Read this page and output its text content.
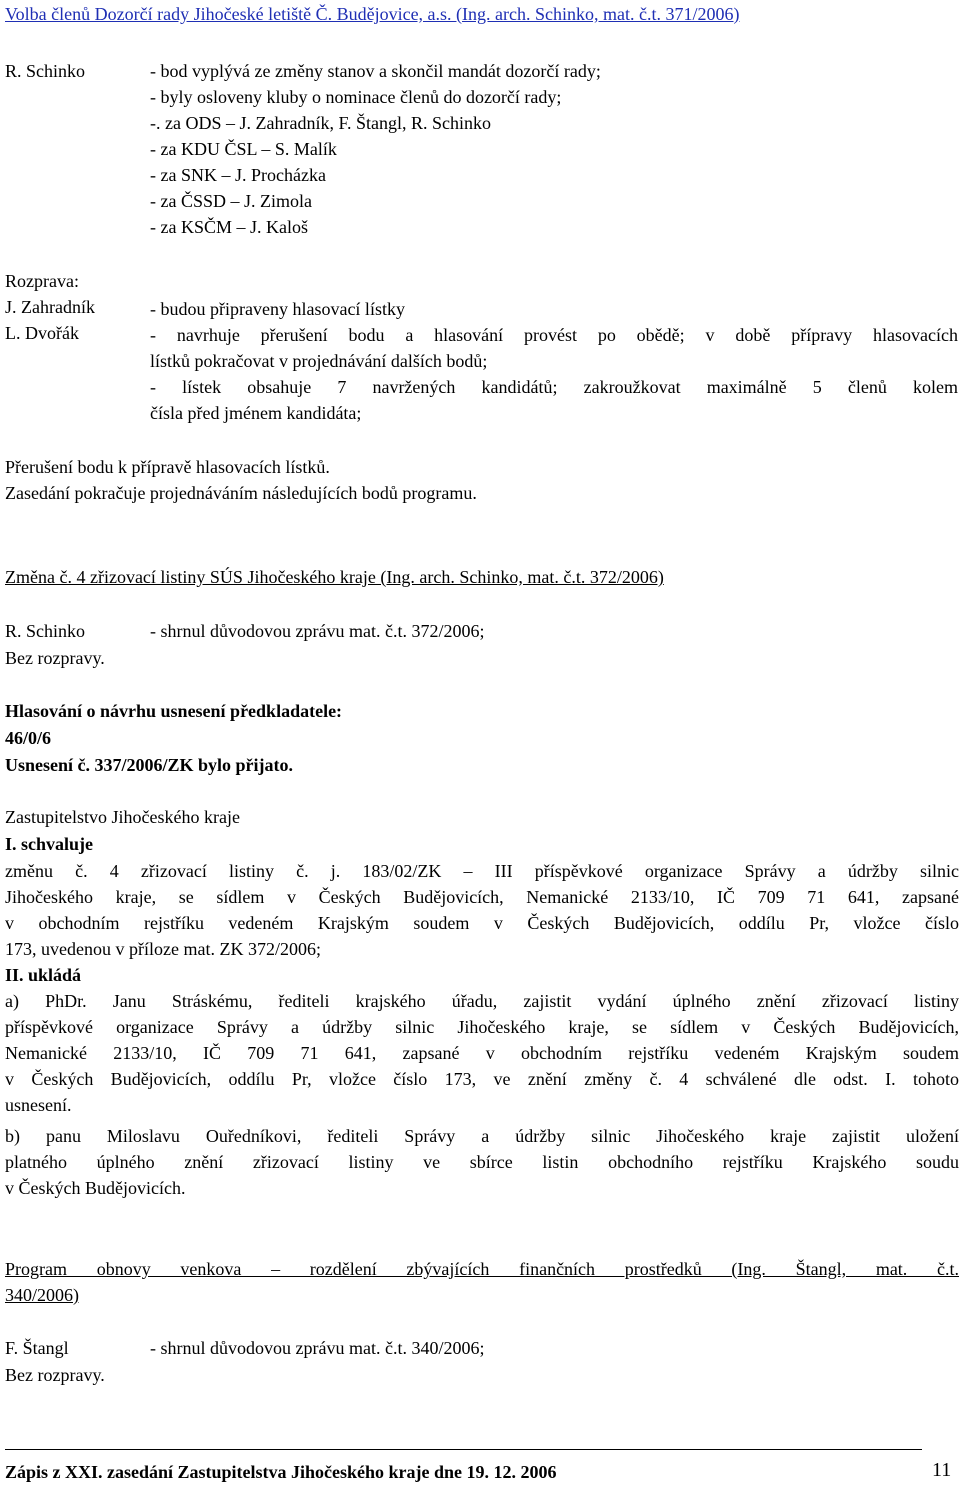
Volba členů Dozorčí rady Jihočeské letiště Č. Budějovice, a.s. (Ing. arch. Schinko, mat. č.t. 371/2006)
R. Schinko	- bod vyplývá ze změny stanov a skončil mandát dozorčí rady;
- byly osloveny kluby o nominace členů do dozorčí rady;
-. za ODS – J. Zahradník, F. Štangl, R. Schinko
- za KDU ČSL – S. Malík
- za SNK – J. Procházka
- za ČSSD – J. Zimola
- za KSČM – J. Kaloš
Rozprava:
J. Zahradník	- budou připraveny hlasovací lístky
L. Dvořák	- navrhuje přerušení bodu a hlasování provést po obědě; v době přípravy hlasovacích
lístků pokračovat v projednávání dalších bodů;
- lístek obsahuje 7 navržených kandidátů; zakroužkovat maximálně 5 členů kolem
čísla před jménem kandidáta;
Přerušení bodu k přípravě hlasovacích lístků.
Zasedání pokračuje projednáváním následujících bodů programu.
Změna č. 4 zřizovací listiny SÚS Jihočeského kraje (Ing. arch. Schinko, mat. č.t. 372/2006)
R. Schinko	- shrnul důvodovou zprávu mat. č.t. 372/2006;
Bez rozpravy.
Hlasování o návrhu usnesení předkladatele:
46/0/6
Usnesení č. 337/2006/ZK bylo přijato.
Zastupitelstvo Jihočeského kraje
I. schvaluje
změnu č. 4 zřizovací listiny č. j. 183/02/ZK – III příspěvkové organizace Správy a údržby silnic
Jihočeského kraje, se sídlem v Českých Budějovicích, Nemanické 2133/10, IČ 709 71 641, zapsané
v obchodním rejstříku vedeném Krajským soudem v Českých Budějovicích, oddílu Pr, vložce číslo
173, uvedenou v příloze mat. ZK 372/2006;
II. ukládá
a) PhDr. Janu Stráskému, řediteli krajského úřadu, zajistit vydání úplného znění zřizovací listiny
příspěvkové organizace Správy a údržby silnic Jihočeského kraje, se sídlem v Českých Budějovicích,
Nemanické 2133/10, IČ 709 71 641, zapsané v obchodním rejstříku vedeném Krajským soudem
v Českých Budějovicích, oddílu Pr, vložce číslo 173, ve znění změny č. 4 schválené dle odst. I. tohoto
usnesení.
b) panu Miloslavu Ouředníkovi, řediteli Správy a údržby silnic Jihočeského kraje zajistit uložení
platného úplného znění zřizovací listiny ve sbírce listin obchodního rejstříku Krajského soudu
v Českých Budějovicích.
Program obnovy venkova – rozdělení zbývajících finančních prostředků (Ing. Štangl, mat. č.t.
340/2006)
F. Štangl	- shrnul důvodovou zprávu mat. č.t. 340/2006;
Bez rozpravy.
Zápis z XXI. zasedání Zastupitelstva Jihočeského kraje dne 19. 12. 2006	11
